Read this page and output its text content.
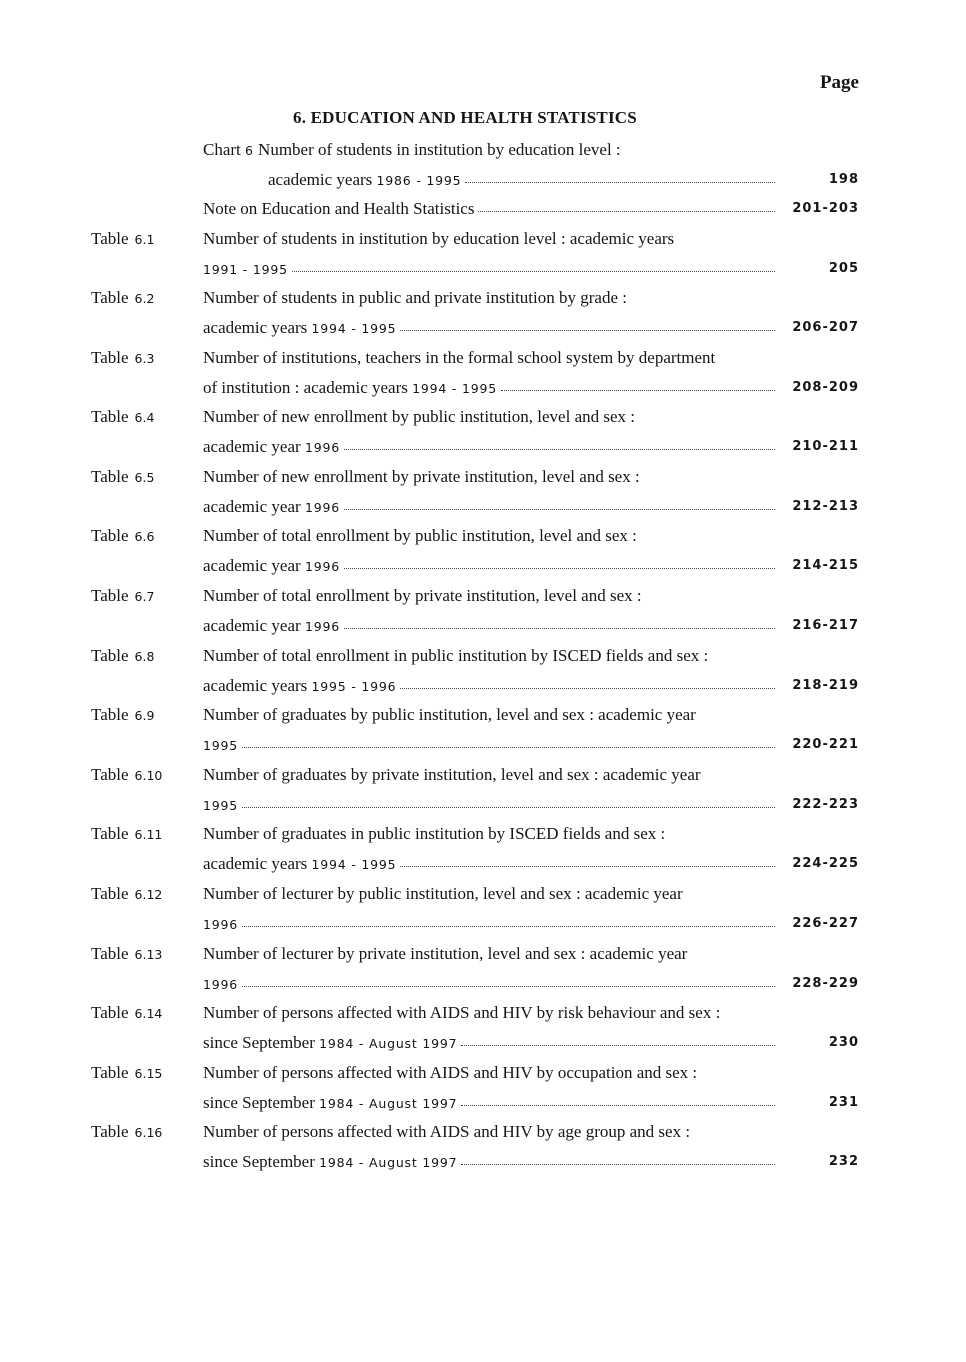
Page
6. EDUCATION AND HEALTH STATISTICS
Chart 6 Number of students in institution by education level :
academic years
1986 - 1995	198
Note on Education and Health Statistics	201-203
Table 6.1	Number of students in institution by education level : academic years
1991 - 1995	205
Table 6.2	Number of students in public and private institution by grade :
academic years
1994 - 1995	206-207
Table 6.3	Number of institutions, teachers in the formal school system by department
of institution : academic years
1994 - 1995	208-209
Table 6.4	Number of new enrollment by public institution, level and sex :
academic year
1996	210-211
Table 6.5	Number of new enrollment by private institution, level and sex :
academic year
1996	212-213
Table 6.6	Number of total enrollment by public institution, level and sex :
academic year
1996	214-215
Table 6.7	Number of total enrollment by private institution, level and sex :
academic year
1996	216-217
Table 6.8	Number of total enrollment in public institution by ISCED fields and sex :
academic years
1995 - 1996	218-219
Table 6.9	Number of graduates by public institution, level and sex : academic year
1995	220-221
Table 6.10 Number of graduates by private institution, level and sex : academic year
1995	222-223
Table 6.11 Number of graduates in public institution by ISCED fields and sex :
academic years
1994 - 1995	224-225
Table 6.12 Number of lecturer by public institution, level and sex : academic year
1996	226-227
Table 6.13 Number of lecturer by private institution, level and sex : academic year
1996	228-229
Table 6.14 Number of persons affected with AIDS and HIV by risk behaviour and sex :
since September
1984 - August 1997	230
Table 6.15 Number of persons affected with AIDS and HIV by occupation and sex :
since September
1984 - August 1997	231
Table 6.16 Number of persons affected with AIDS and HIV by age group and sex :
since September
1984 - August 1997	232
